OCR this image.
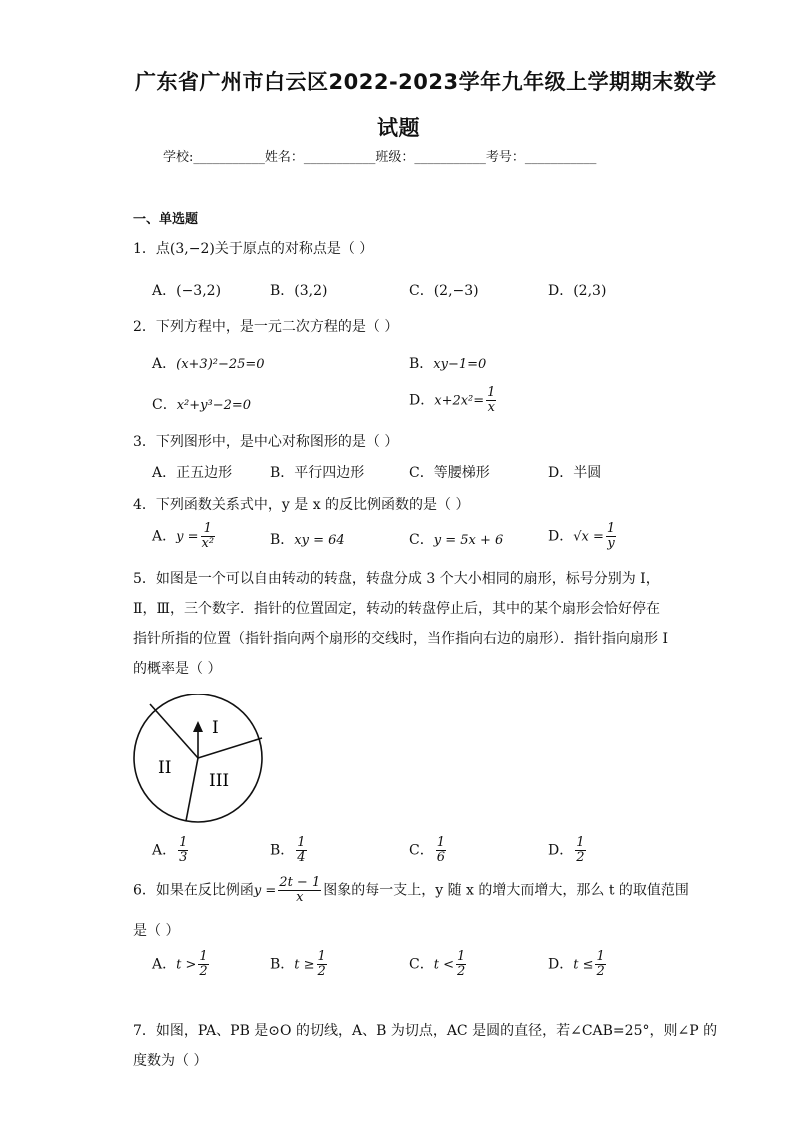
广东省广州市白云区2022-2023学年九年级上学期期末数学
试题
学校:___________姓名：___________班级：___________考号：___________
一、单选题
1．点(3,−2)关于原点的对称点是（ ）
A．(−3,2)	B．(3,2)	C．(2,−3)	D．(2,3)
2．下列方程中，是一元二次方程的是（ ）
A．(x+3)²−25=0	B．xy−1=0
C．x²+y³−2=0	D．$x+2x^2= \frac{1}{x}$
3．下列图形中，是中心对称图形的是（ ）
A．正五边形	B．平行四边形	C．等腰梯形	D．半圆
4．下列函数关系式中，y 是 x 的反比例函数的是（ ）
A．$y = \frac{1}{\text{x²}}$	B．xy = 64	C．y = 5x + 6	D．$√x = \frac{1}{y}$
5．如图是一个可以自由转动的转盘，转盘分成 3 个大小相同的扇形，标号分别为 I，
Ⅱ，Ⅲ，三个数字．指针的位置固定，转动的转盘停止后，其中的某个扇形会恰好停在
指针所指的位置（指针指向两个扇形的交线时，当作指向右边的扇形）．指针指向扇形 I
的概率是（ ）
I
II
III
A． $\frac{1}{3}$	B． $\frac{1}{4}$	C． $\frac{1}{6}$	D． $\frac{1}{2}$
6．如果在反比例函$y = \frac{2t - 1}{x}$ 图象的每一支上，y 随 x 的增大而增大，那么 t 的取值范围
是（ ）
A．$t > \frac{1}{2}$	B．$t \ge \frac{1}{2}$	C．$t < \frac{1}{2}$	D．$t \le \frac{1}{2}$
7．如图，PA、PB 是⊙O 的切线，A、B 为切点，AC 是圆的直径，若∠CAB=25°，则∠P 的
度数为（ ）
